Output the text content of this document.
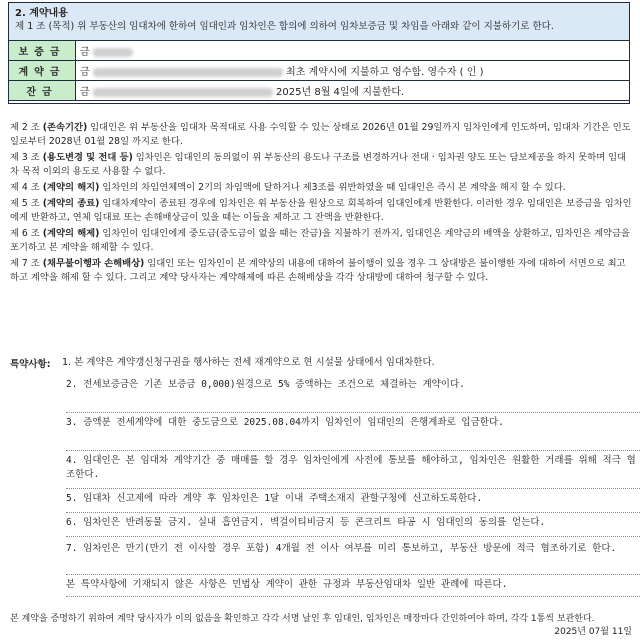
2. 계약내용
제 1 조 (목적) 위 부동산의 임대차에 한하여 임대인과 임차인은 합의에 의하여 임차보증금 및 차임을 아래와 같이 지불하기로 한다.
보증금	금
계약금	금 최초 계약시에 지불하고 영수함. 영수자 ( 인 )
잔금	금 2025년 8월 4일에 지불한다.
제 2 조 (존속기간) 임대인은 위 부동산을 임대차 목적대로 사용 수익할 수 있는 상태로 2026년 01월 29일까지 임차인에게 인도하며, 임대차 기간은 인도일로부터 2028년 01월 28일 까지로 한다.
제 3 조 (용도변경 및 전대 등) 임차인은 임대인의 동의없이 위 부동산의 용도나 구조를 변경하거나 전대 · 임차권 양도 또는 담보제공을 하지 못하며 임대차 목적 이외의 용도로 사용할 수 없다.
제 4 조 (계약의 해지) 임차인의 차임연체액이 2기의 차임액에 달하거나 제3조를 위반하였을 때 임대인은 즉시 본 계약을 해지 할 수 있다.
제 5 조 (계약의 종료) 임대차계약이 종료된 경우에 임차인은 위 부동산을 원상으로 회복하여 임대인에게 반환한다. 이러한 경우 임대인은 보증금을 임차인에게 반환하고, 연체 임대료 또는 손해배상금이 있을 때는 이들을 제하고 그 잔액을 반환한다.
제 6 조 (계약의 해제) 임차인이 임대인에게 중도금(중도금이 없을 때는 잔금)을 지불하기 전까지, 임대인은 계약금의 배액을 상환하고, 임차인은 계약금을 포기하고 본 계약을 해제할 수 있다.
제 7 조 (채무불이행과 손해배상) 임대인 또는 임차인이 본 계약상의 내용에 대하여 불이행이 있을 경우 그 상대방은 불이행한 자에 대하여 서면으로 최고하고 계약을 해제 할 수 있다. 그리고 계약 당사자는 계약해제에 따른 손해배상을 각각 상대방에 대하여 청구할 수 있다.
특약사항: 1. 본 계약은 계약갱신청구권을 행사하는 전세 재계약으로 현 시설물 상태에서 임대차한다.
2. 전세보증금은 기존 보증금 0,000)원경으로 5% 증액하는 조건으로 체결하는 계약이다.
3. 증액분 전세계약에 대한 중도금으로 2025.08.04까지 임차인이 임대인의 은행계좌로 입금한다.
4. 임대인은 본 임대차 계약기간 중 매매를 할 경우 임차인에게 사전에 통보를 해야하고, 임차인은 원활한 거래를 위해 적극 협조한다.
5. 임대차 신고제에 따라 계약 후 임차인은 1달 이내 주택소재지 관할구청에 신고하도록한다.
6. 임차인은 반려동물 금지. 실내 흡연금지. 벽걸이티비금지 등 콘크리트 타공 시 임대인의 동의를 얻는다.
7. 임차인은 만기(만기 전 이사할 경우 포함) 4개월 전 이사 여부를 미리 통보하고, 부동산 방문에 적극 협조하기로 한다.
본 특약사항에 기재되지 않은 사항은 민법상 계약이 관한 규정과 부동산임대차 일반 관례에 따른다.
본 계약을 증명하기 위하여 계약 당사자가 이의 없음을 확인하고 각각 서명 날인 후 임대인, 임차인은 매장마다 간인하여야 하며, 각각 1통씩 보관한다.
2025년 07월 11일
